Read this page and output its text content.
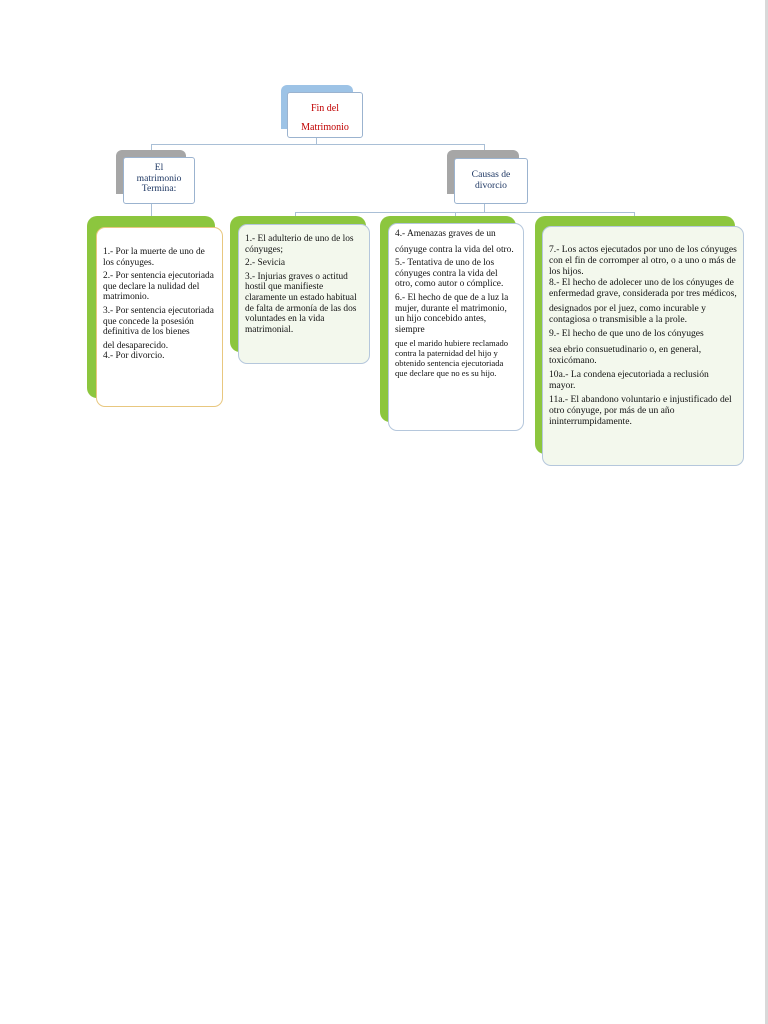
Fin del
Matrimonio
El
matrimonio
Termina:
Causas de
divorcio

1.- Por la muerte de uno de los cónyuges.

2.- Por sentencia ejecutoriada que declare la nulidad del matrimonio.

3.- Por sentencia ejecutoriada que concede la posesión definitiva de los bienes

del desaparecido.

4.- Por divorcio.

1.- El adulterio de uno de los cónyuges;

2.- Sevicia

3.- Injurias graves o actitud hostil que manifieste claramente un estado habitual de falta de armonía de las dos voluntades en la vida matrimonial.

4.- Amenazas graves de un

cónyuge contra la vida del otro.

5.- Tentativa de uno de los cónyuges contra la vida del otro, como autor o cómplice.

6.- El hecho de que de a luz la mujer, durante el matrimonio, un hijo concebido antes, siempre

que el marido hubiere reclamado contra la paternidad del hijo y obtenido sentencia ejecutoriada que declare que no es su hijo.

7.- Los actos ejecutados por uno de los cónyuges con el fin de corromper al otro, o a uno o más de los hijos.

8.- El hecho de adolecer uno de los cónyuges de enfermedad grave, considerada por tres médicos,

designados por el juez, como incurable y contagiosa o transmisible a la prole.

9.- El hecho de que uno de los cónyuges

sea ebrio consuetudinario o, en general, toxicómano.

10a.- La condena ejecutoriada a reclusión mayor.

11a.- El abandono voluntario e injustificado del otro cónyuge, por más de un año ininterrumpidamente.
